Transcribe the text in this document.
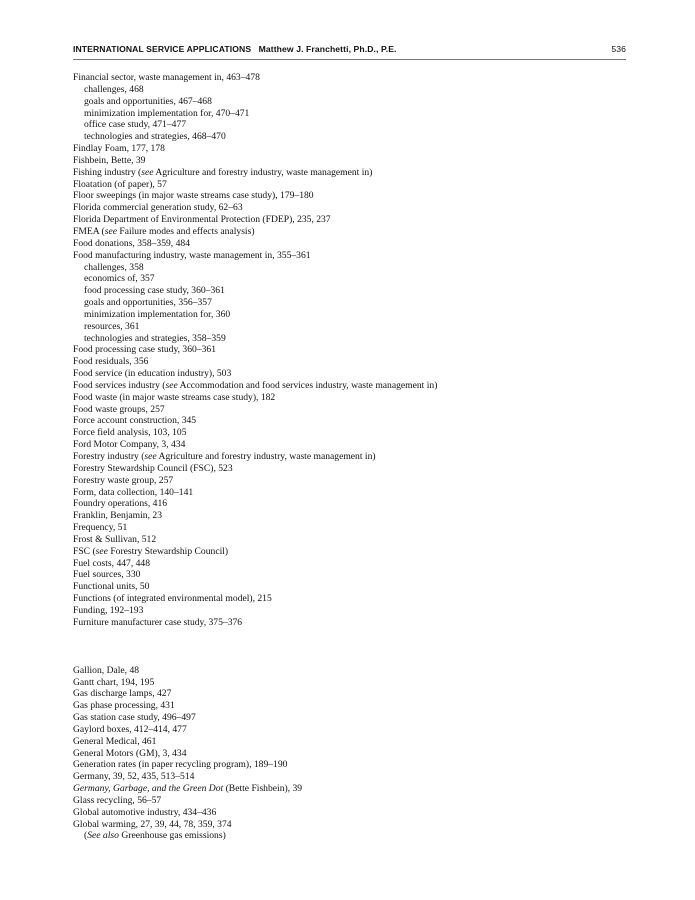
INTERNATIONAL SERVICE APPLICATIONS Matthew J. Franchetti, Ph.D., P.E.	536
Financial sector, waste management in, 463–478
challenges, 468
goals and opportunities, 467–468
minimization implementation for, 470–471
office case study, 471–477
technologies and strategies, 468–470
Findlay Foam, 177, 178
Fishbein, Bette, 39
Fishing industry (see Agriculture and forestry industry, waste management in)
Floatation (of paper), 57
Floor sweepings (in major waste streams case study), 179–180
Florida commercial generation study, 62–63
Florida Department of Environmental Protection (FDEP), 235, 237
FMEA (see Failure modes and effects analysis)
Food donations, 358–359, 484
Food manufacturing industry, waste management in, 355–361
challenges, 358
economics of, 357
food processing case study, 360–361
goals and opportunities, 356–357
minimization implementation for, 360
resources, 361
technologies and strategies, 358–359
Food processing case study, 360–361
Food residuals, 356
Food service (in education industry), 503
Food services industry (see Accommodation and food services industry, waste management in)
Food waste (in major waste streams case study), 182
Food waste groups, 257
Force account construction, 345
Force field analysis, 103, 105
Ford Motor Company, 3, 434
Forestry industry (see Agriculture and forestry industry, waste management in)
Forestry Stewardship Council (FSC), 523
Forestry waste group, 257
Form, data collection, 140–141
Foundry operations, 416
Franklin, Benjamin, 23
Frequency, 51
Frost & Sullivan, 512
FSC (see Forestry Stewardship Council)
Fuel costs, 447, 448
Fuel sources, 330
Functional units, 50
Functions (of integrated environmental model), 215
Funding, 192–193
Furniture manufacturer case study, 375–376
Gallion, Dale, 48
Gantt chart, 194, 195
Gas discharge lamps, 427
Gas phase processing, 431
Gas station case study, 496–497
Gaylord boxes, 412–414, 477
General Medical, 461
General Motors (GM), 3, 434
Generation rates (in paper recycling program), 189–190
Germany, 39, 52, 435, 513–514
Germany, Garbage, and the Green Dot (Bette Fishbein), 39
Glass recycling, 56–57
Global automotive industry, 434–436
Global warming, 27, 39, 44, 78, 359, 374
(See also Greenhouse gas emissions)
